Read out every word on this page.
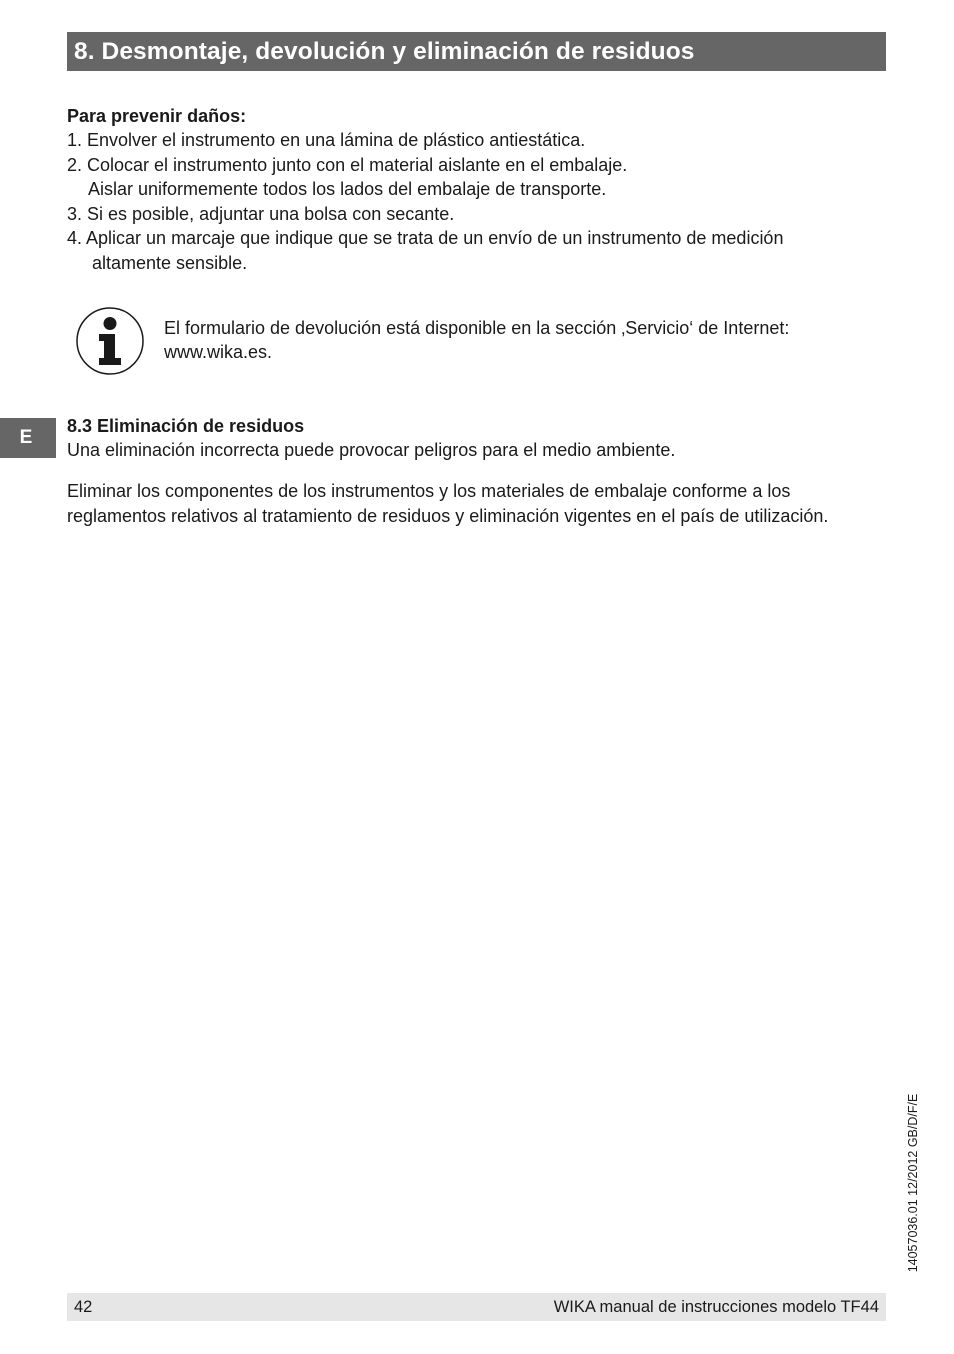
8. Desmontaje, devolución y eliminación de residuos
Para prevenir daños:
1. Envolver el instrumento en una lámina de plástico antiestática.
2. Colocar el instrumento junto con el material aislante en el embalaje.
Aislar uniformemente todos los lados del embalaje de transporte.
3. Si es posible, adjuntar una bolsa con secante.
4. Aplicar un marcaje que indique que se trata de un envío de un instrumento de medición
altamente sensible.
El formulario de devolución está disponible en la sección ‚Servicio‘ de Internet:
www.wika.es.
E
8.3 Eliminación de residuos
Una eliminación incorrecta puede provocar peligros para el medio ambiente.
Eliminar los componentes de los instrumentos y los materiales de embalaje conforme a los
reglamentos relativos al tratamiento de residuos y eliminación vigentes en el país de utilización.
14057036.01 12/2012 GB/D/F/E
42	WIKA manual de instrucciones modelo TF44
